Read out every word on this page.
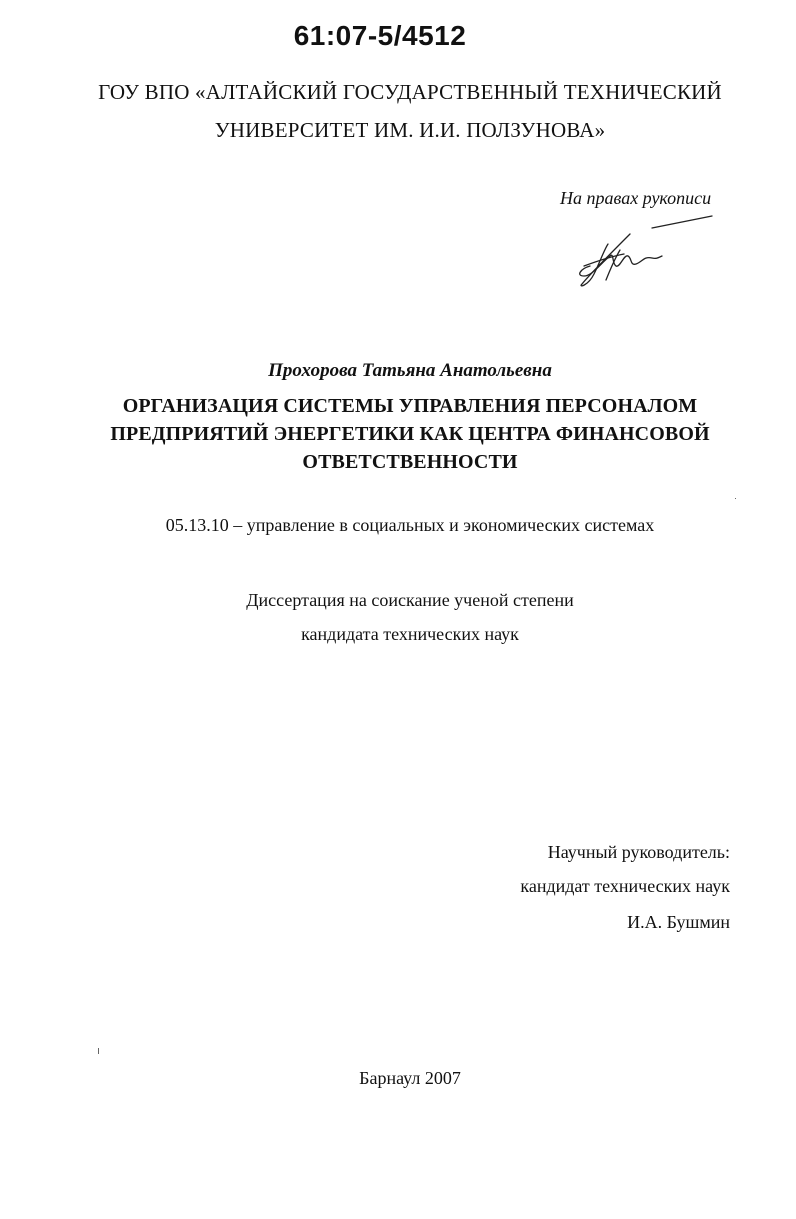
61:07-5/4512
ГОУ ВПО «АЛТАЙСКИЙ ГОСУДАРСТВЕННЫЙ ТЕХНИЧЕСКИЙ
УНИВЕРСИТЕТ ИМ. И.И. ПОЛЗУНОВА»
На правах рукописи
Прохорова Татьяна Анатольевна
ОРГАНИЗАЦИЯ СИСТЕМЫ УПРАВЛЕНИЯ ПЕРСОНАЛОМ
ПРЕДПРИЯТИЙ ЭНЕРГЕТИКИ КАК ЦЕНТРА ФИНАНСОВОЙ
ОТВЕТСТВЕННОСТИ
05.13.10 – управление в социальных и экономических системах
Диссертация на соискание ученой степени
кандидата технических наук
Научный руководитель:
кандидат технических наук
И.А. Бушмин
Барнаул 2007
